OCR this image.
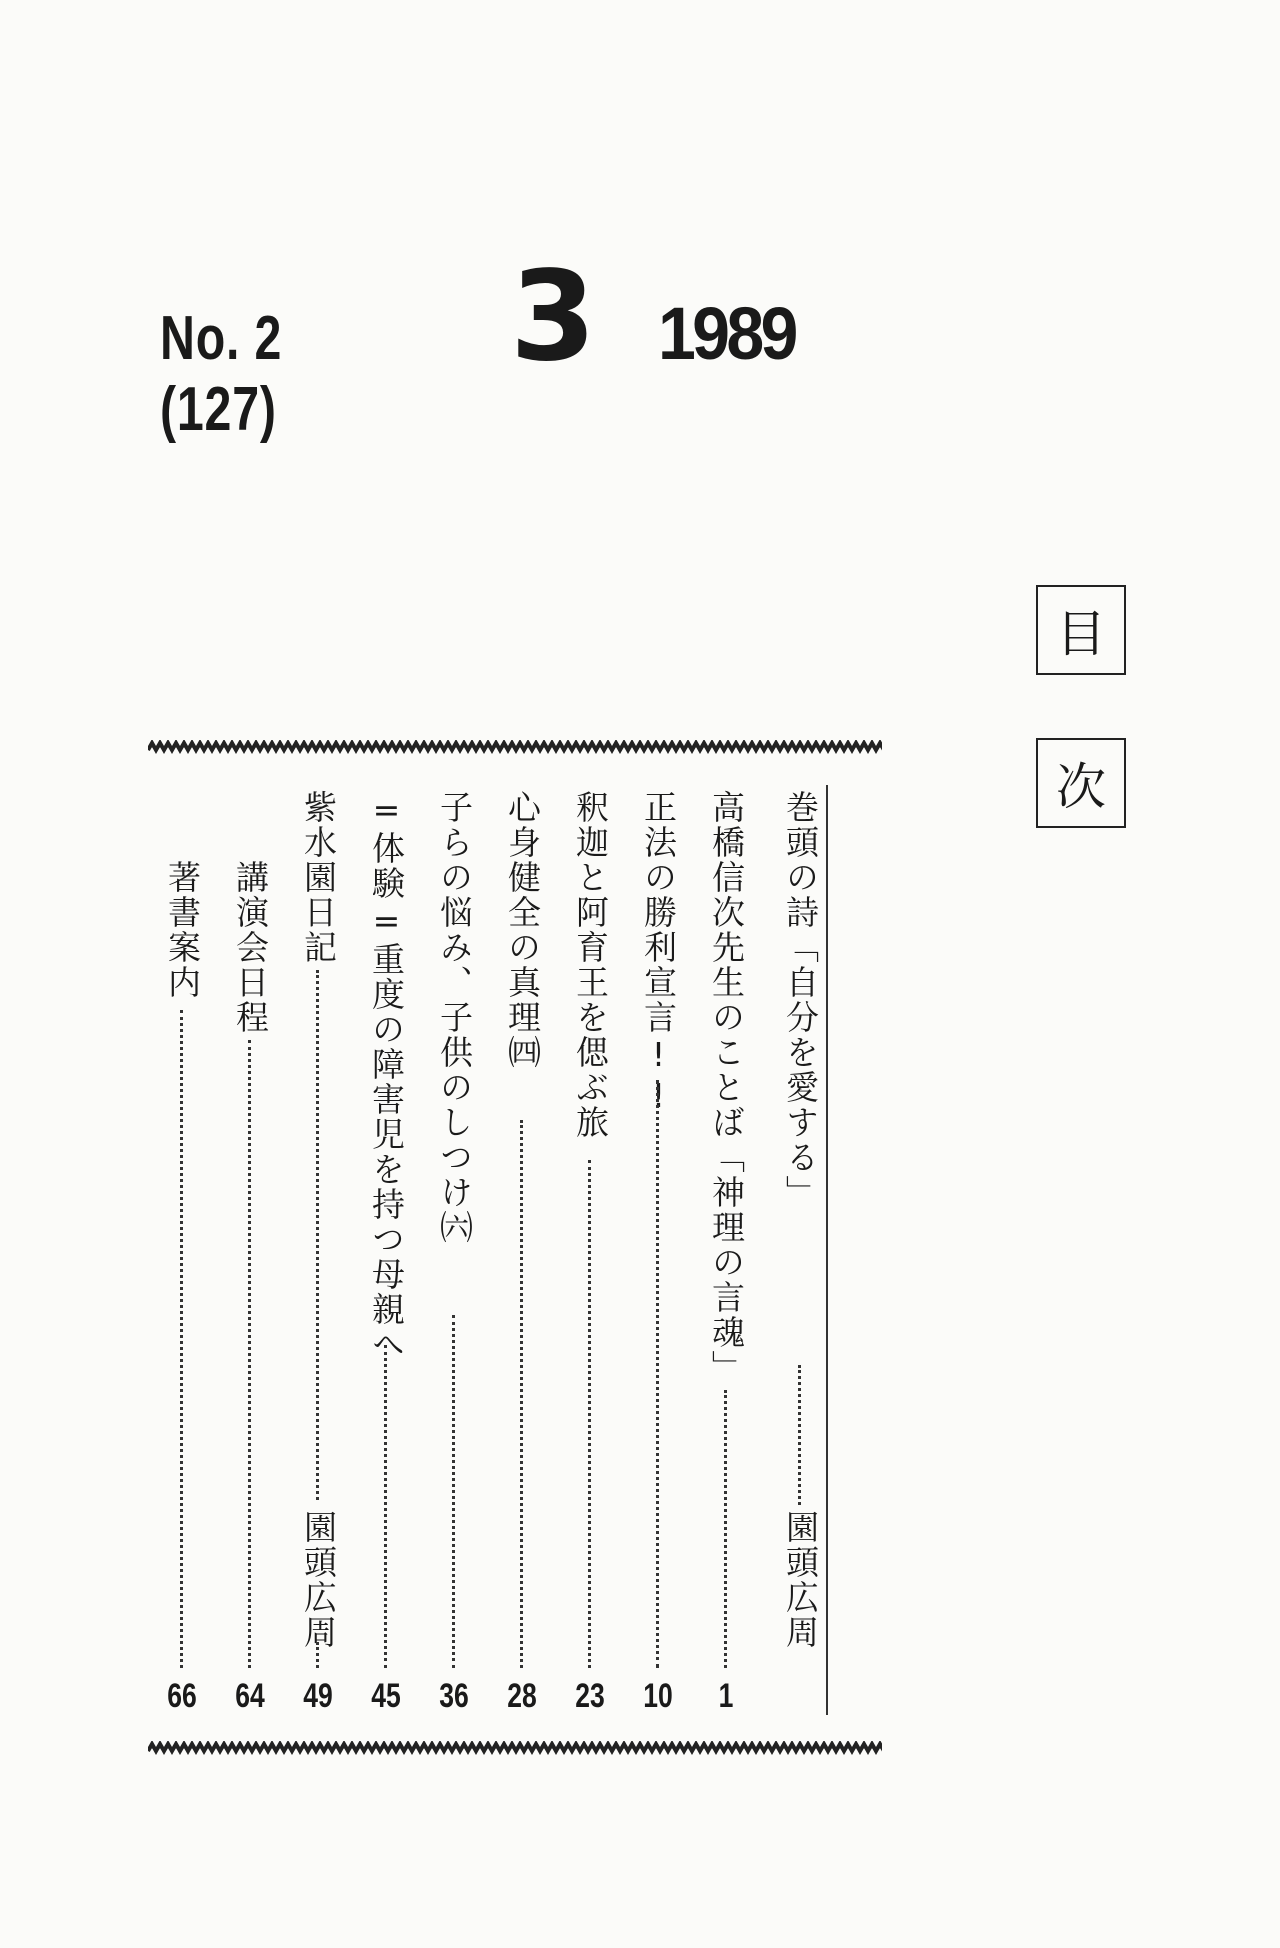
No. 2 (127)
3 1989
目
次
巻頭の詩「自分を愛する」
園頭広周
高橋信次先生のことば「神理の言魂」
1
正法の勝利宣言!!
10
釈迦と阿育王を偲ぶ旅
23
心身健全の真理㈣
28
子らの悩み、子供のしつけ㈥
36
=体験=重度の障害児を持つ母親へ
45
紫水園日記
園頭広周
49
講演会日程
64
著書案内
66
